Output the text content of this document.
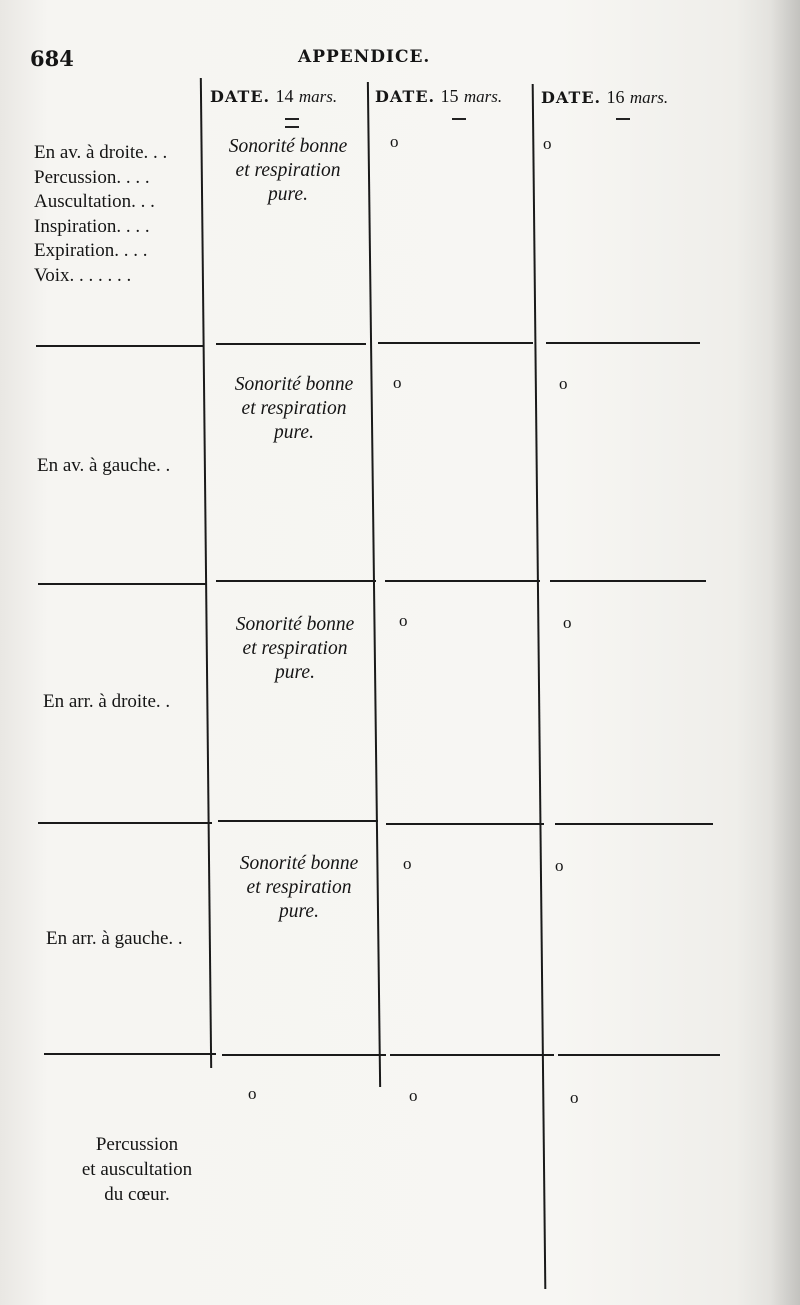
684	APPENDICE.
DATE. 14 mars. DATE. 15 mars. DATE. 16 mars.
En av. à droite. . .
Percussion. . . .
Auscultation. . .
Inspiration. . . .
Expiration. . . .
Voix. . . . . . .
Sonorité bonne
et respiration
pure.
o	o
En av. à gauche. .
Sonorité bonne
et respiration
pure.
o	o
En arr. à droite. .
Sonorité bonne
et respiration
pure.
o	o
En arr. à gauche. .
Sonorité bonne
et respiration
pure.
o	o
Percussion
et auscultation
du cœur.
o	o	o
